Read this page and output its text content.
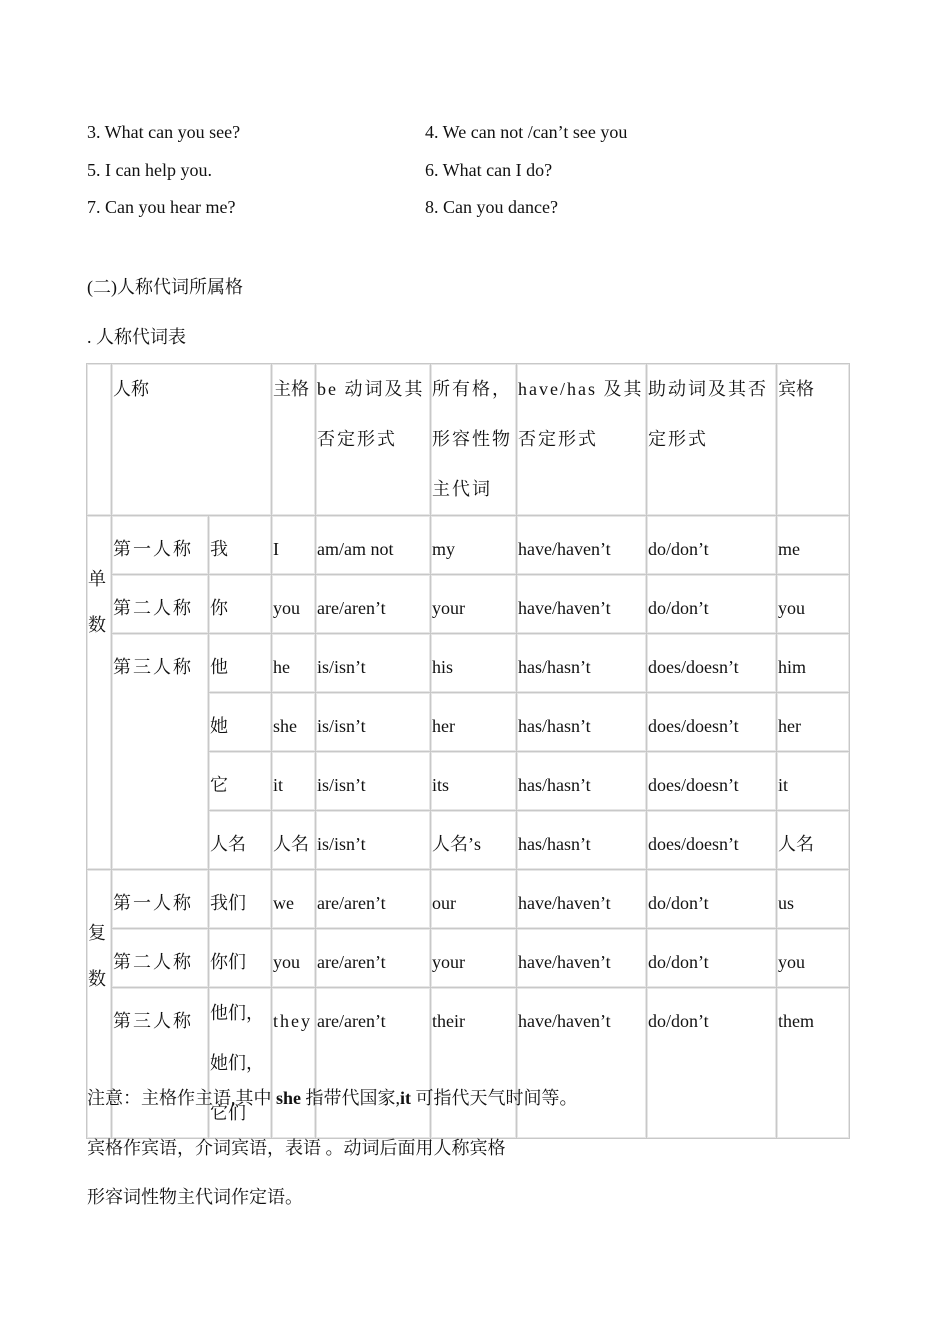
3. What can you see?	4. We can not /can’t see you
5. I can help you.	6. What can I do?
7. Can you hear me?	8. Can you dance?
(二)人称代词所属格
. 人称代词表
	人称		主格	be 动词及其否定形式	所有格，形容性物主代词	have/has 及其否定形式	助动词及其否定形式	宾格
单数	第一人称	我	I	am/am not	my	have/haven’t	do/don’t	me
	第二人称	你	you	are/aren’t	your	have/haven’t	do/don’t	you
	第三人称	他	he	is/isn’t	his	has/hasn’t	does/doesn’t	him
		她	she	is/isn’t	her	has/hasn’t	does/doesn’t	her
		它	it	is/isn’t	its	has/hasn’t	does/doesn’t	it
		人名	人名	is/isn’t	人名’s	has/hasn’t	does/doesn’t	人名
复数	第一人称	我们	we	are/aren’t	our	have/haven’t	do/don’t	us
	第二人称	你们	you	are/aren’t	your	have/haven’t	do/don’t	you
	第三人称	他们，她们，它们	they	are/aren’t	their	have/haven’t	do/don’t	them
注意：主格作主语,其中 she 指带代国家,it 可指代天气时间等。
宾格作宾语，介词宾语，表语 。动词后面用人称宾格
形容词性物主代词作定语。
